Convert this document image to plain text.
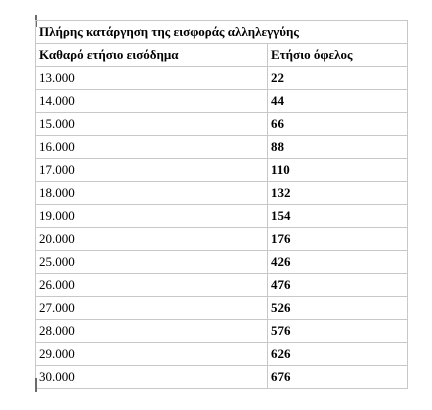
Πλήρης κατάργηση της εισφοράς αλληλεγγύης	
Καθαρό ετήσιο εισόδημα	Ετήσιο όφελος
13.000	22
14.000	44
15.000	66
16.000	88
17.000	110
18.000	132
19.000	154
20.000	176
25.000	426
26.000	476
27.000	526
28.000	576
29.000	626
30.000	676
